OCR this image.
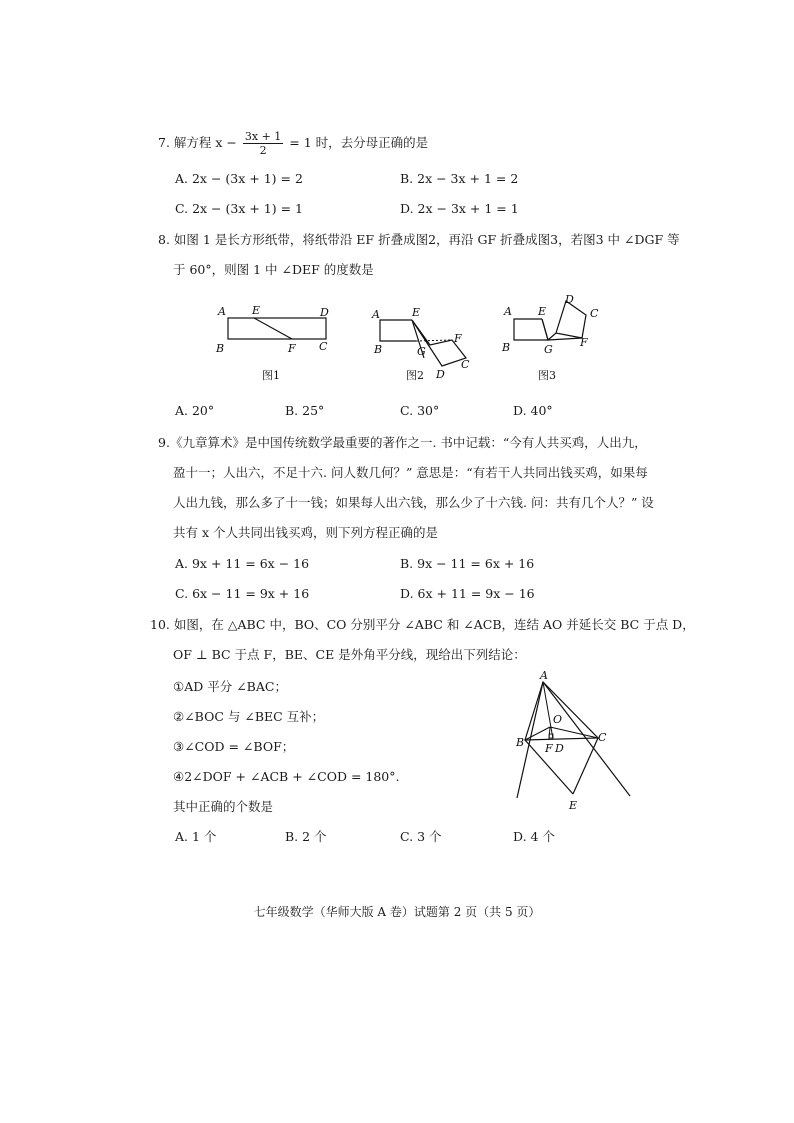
7. 解方程 $x - \frac{3x + 1}{2} = 1$ 时，去分母正确的是
A. 2x − (3x + 1) = 2	B. 2x − 3x + 1 = 2
C. 2x − (3x + 1) = 1	D. 2x − 3x + 1 = 1
8. 如图 1 是长方形纸带，将纸带沿 EF 折叠成图2，再沿 GF 折叠成图3，若图3 中 ∠DGF 等
于 60°，则图 1 中 ∠DEF 的度数是
A E	D
B	F C
图1
A	E
F
B	G
C
D
图2
D
C
A E
F
B	G
图3
A. 20°	B. 25°	C. 30°	D. 40°
9.《九章算术》是中国传统数学最重要的著作之一. 书中记载：“今有人共买鸡，人出九，
盈十一；人出六，不足十六. 问人数几何？” 意思是：“有若干人共同出钱买鸡，如果每
人出九钱，那么多了十一钱；如果每人出六钱，那么少了十六钱. 问：共有几个人？” 设
共有 x 个人共同出钱买鸡，则下列方程正确的是
A. 9x + 11 = 6x − 16	B. 9x − 11 = 6x + 16
C. 6x − 11 = 9x + 16	D. 6x + 11 = 9x − 16
10. 如图，在 △ABC 中，BO、CO 分别平分 ∠ABC 和 ∠ACB，连结 AO 并延长交 BC 于点 D，
OF ⊥ BC 于点 F，BE、CE 是外角平分线，现给出下列结论：
①AD 平分 ∠BAC；
②∠BOC 与 ∠BEC 互补；
③∠COD = ∠BOF；
④2∠DOF + ∠ACB + ∠COD = 180°.
其中正确的个数是
A
O
B F D
C
E
A. 1 个	B. 2 个	C. 3 个	D. 4 个
七年级数学（华师大版 A 卷）试题第 2 页（共 5 页）
